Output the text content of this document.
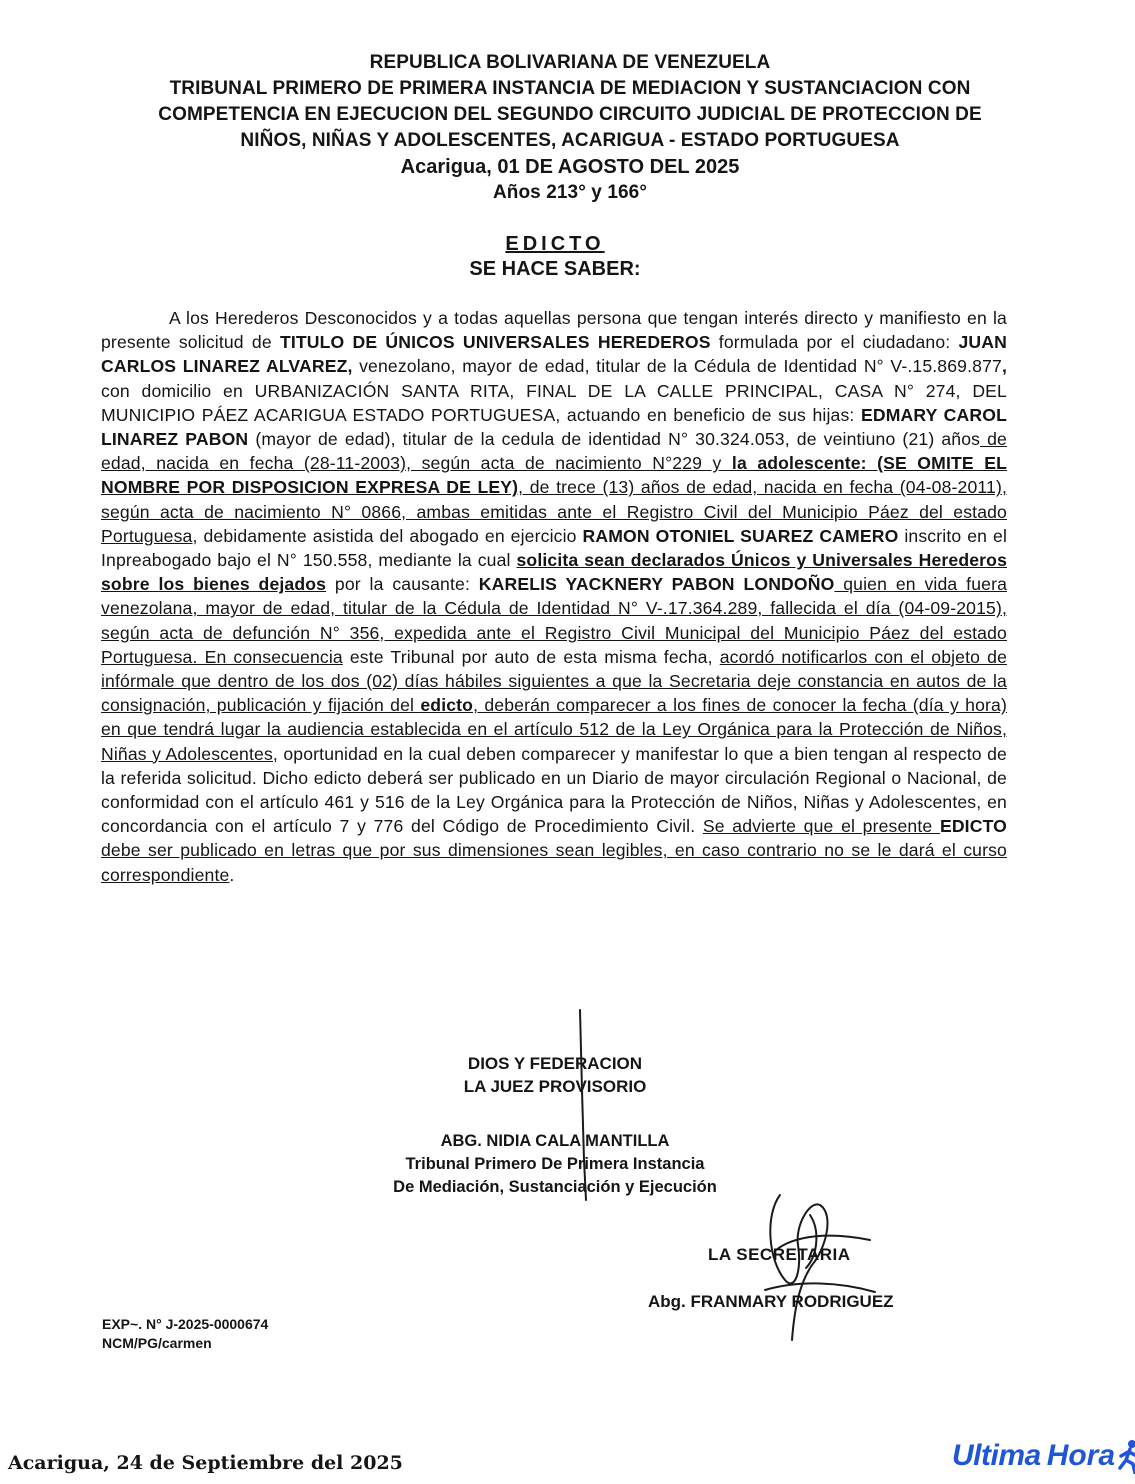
REPUBLICA BOLIVARIANA DE VENEZUELA
TRIBUNAL PRIMERO DE PRIMERA INSTANCIA DE MEDIACION Y SUSTANCIACION CON
COMPETENCIA EN EJECUCION DEL SEGUNDO CIRCUITO JUDICIAL DE PROTECCION DE
NIÑOS, NIÑAS Y ADOLESCENTES, ACARIGUA - ESTADO PORTUGUESA
Acarigua, 01 DE AGOSTO DEL 2025
Años 213° y 166°
EDICTO
SE HACE SABER:

A los Herederos Desconocidos y a todas aquellas persona que tengan interés directo y manifiesto en la presente solicitud de TITULO DE ÚNICOS UNIVERSALES HEREDEROS formulada por el ciudadano: JUAN CARLOS LINAREZ ALVAREZ, venezolano, mayor de edad, titular de la Cédula de Identidad N° V-.15.869.877, con domicilio en URBANIZACIÓN SANTA RITA, FINAL DE LA CALLE PRINCIPAL, CASA N° 274, DEL MUNICIPIO PÁEZ ACARIGUA ESTADO PORTUGUESA, actuando en beneficio de sus hijas: EDMARY CAROL LINAREZ PABON (mayor de edad), titular de la cedula de identidad N° 30.324.053, de veintiuno (21) años de edad, nacida en fecha (28-11-2003), según acta de nacimiento N°229 y la adolescente: (SE OMITE EL NOMBRE POR DISPOSICION EXPRESA DE LEY), de trece (13) años de edad, nacida en fecha (04-08-2011), según acta de nacimiento N° 0866, ambas emitidas ante el Registro Civil del Municipio Páez del estado Portuguesa, debidamente asistida del abogado en ejercicio RAMON OTONIEL SUAREZ CAMERO inscrito en el Inpreabogado bajo el N° 150.558, mediante la cual solicita sean declarados Únicos y Universales Herederos sobre los bienes dejados por la causante: KARELIS YACKNERY PABON LONDOÑO quien en vida fuera venezolana, mayor de edad, titular de la Cédula de Identidad N° V-.17.364.289, fallecida el día (04-09-2015), según acta de defunción N° 356, expedida ante el Registro Civil Municipal del Municipio Páez del estado Portuguesa. En consecuencia este Tribunal por auto de esta misma fecha, acordó notificarlos con el objeto de infórmale que dentro de los dos (02) días hábiles siguientes a que la Secretaria deje constancia en autos de la consignación, publicación y fijación del edicto, deberán comparecer a los fines de conocer la fecha (día y hora) en que tendrá lugar la audiencia establecida en el artículo 512 de la Ley Orgánica para la Protección de Niños, Niñas y Adolescentes, oportunidad en la cual deben comparecer y manifestar lo que a bien tengan al respecto de la referida solicitud. Dicho edicto deberá ser publicado en un Diario de mayor circulación Regional o Nacional, de conformidad con el artículo 461 y 516 de la Ley Orgánica para la Protección de Niños, Niñas y Adolescentes, en concordancia con el artículo 7 y 776 del Código de Procedimiento Civil. Se advierte que el presente EDICTO debe ser publicado en letras que por sus dimensiones sean legibles, en caso contrario no se le dará el curso correspondiente.

DIOS Y FEDERACION
LA JUEZ PROVISORIO
ABG. NIDIA CALA MANTILLA
Tribunal Primero De Primera Instancia
De Mediación, Sustanciación y Ejecución
LA SECRETARIA
Abg. FRANMARY RODRIGUEZ
EXP~. N° J-2025-0000674
NCM/PG/carmen
Acarigua, 24 de Septiembre del 2025	Ultima Hora
